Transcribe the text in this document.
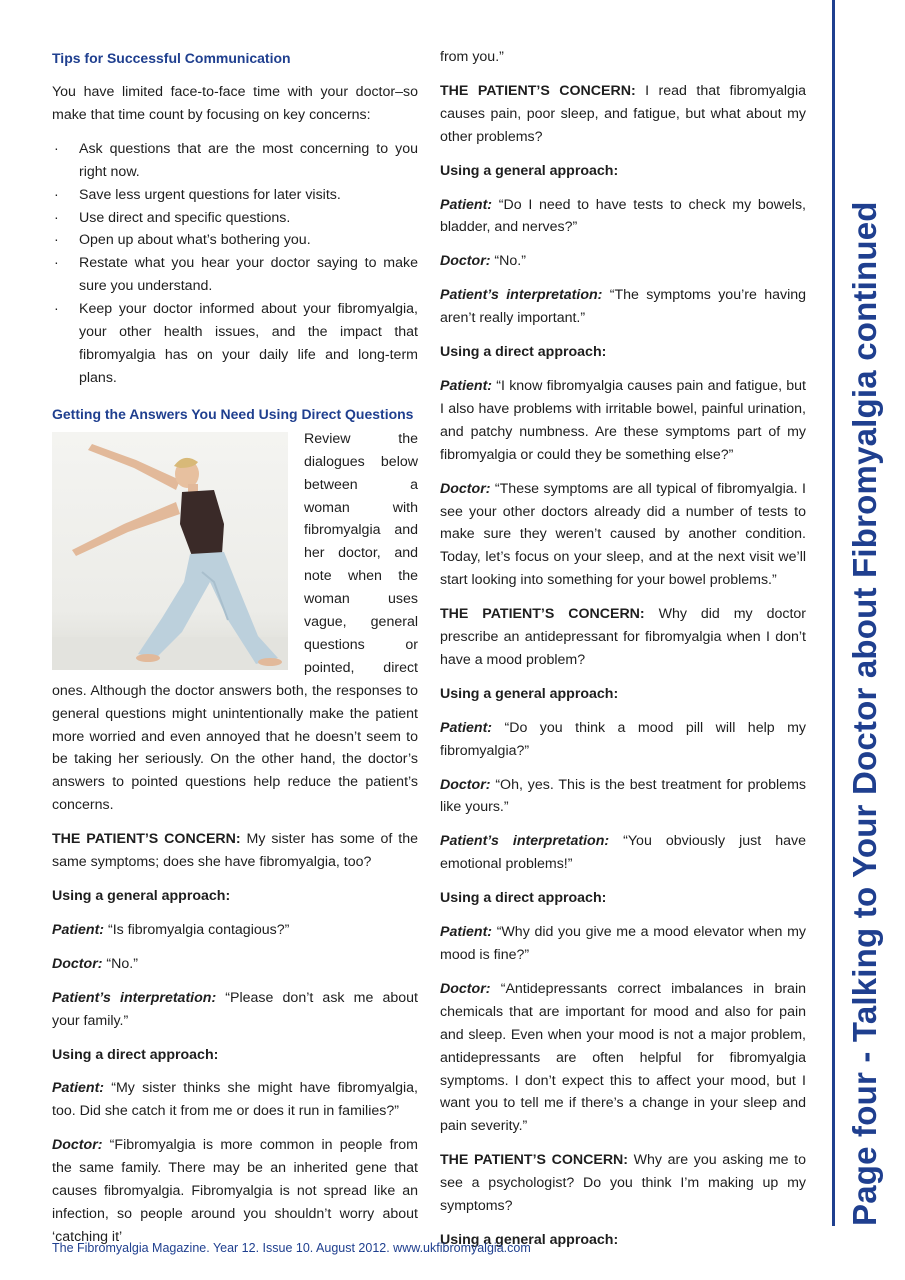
Tips for Successful Communication

You have limited face-to-face time with your doctor–so make that time count by focusing on key concerns:

· Ask questions that are the most concerning to you right now.
· Save less urgent questions for later visits.
· Use direct and specific questions.
· Open up about what’s bothering you.
· Restate what you hear your doctor saying to make sure you understand.
· Keep your doctor informed about your fibromyalgia, your other health issues, and the impact that fibromyalgia has on your daily life and long-term plans.

Getting the Answers You Need Using Direct Questions

Review the dialogues below between a woman with fibromyalgia and her doctor, and note when the woman uses vague, general questions or pointed, direct ones. Although the doctor answers both, the responses to general questions might unintentionally make the patient more worried and even annoyed that he doesn’t seem to be taking her seriously. On the other hand, the doctor’s answers to pointed questions help reduce the patient’s concerns.

THE PATIENT’S CONCERN: My sister has some of the same symptoms; does she have fibromyalgia, too?

Using a general approach:

Patient: “Is fibromyalgia contagious?”

Doctor: “No.”

Patient’s interpretation: “Please don’t ask me about your family.”

Using a direct approach:

Patient: “My sister thinks she might have fibromyalgia, too. Did she catch it from me or does it run in families?”

Doctor: “Fibromyalgia is more common in people from the same family. There may be an inherited gene that causes fibromyalgia. Fibromyalgia is not spread like an infection, so people around you shouldn’t worry about ‘catching it’

from you.”

THE PATIENT’S CONCERN: I read that fibromyalgia causes pain, poor sleep, and fatigue, but what about my other problems?

Using a general approach:

Patient: “Do I need to have tests to check my bowels, bladder, and nerves?”

Doctor: “No.”

Patient’s interpretation: “The symptoms you’re having aren’t really important.”

Using a direct approach:

Patient: “I know fibromyalgia causes pain and fatigue, but I also have problems with irritable bowel, painful urination, and patchy numbness. Are these symptoms part of my fibromyalgia or could they be something else?”

Doctor: “These symptoms are all typical of fibromyalgia. I see your other doctors already did a number of tests to make sure they weren’t caused by another condition. Today, let’s focus on your sleep, and at the next visit we’ll start looking into something for your bowel problems.”

THE PATIENT’S CONCERN: Why did my doctor prescribe an antidepressant for fibromyalgia when I don’t have a mood problem?

Using a general approach:

Patient: “Do you think a mood pill will help my fibromyalgia?”

Doctor: “Oh, yes. This is the best treatment for problems like yours.”

Patient’s interpretation: “You obviously just have emotional problems!”

Using a direct approach:

Patient: “Why did you give me a mood elevator when my mood is fine?”

Doctor: “Antidepressants correct imbalances in brain chemicals that are important for mood and also for pain and sleep. Even when your mood is not a major problem, antidepressants are often helpful for fibromyalgia symptoms. I don’t expect this to affect your mood, but I want you to tell me if there’s a change in your sleep and pain severity.”

THE PATIENT’S CONCERN: Why are you asking me to see a psychologist? Do you think I’m making up my symptoms?

Using a general approach:

Page four - Talking to Your Doctor about Fibromyalgia continued
The Fibromyalgia Magazine. Year 12. Issue 10. August 2012. www.ukfibromyalgia.com
